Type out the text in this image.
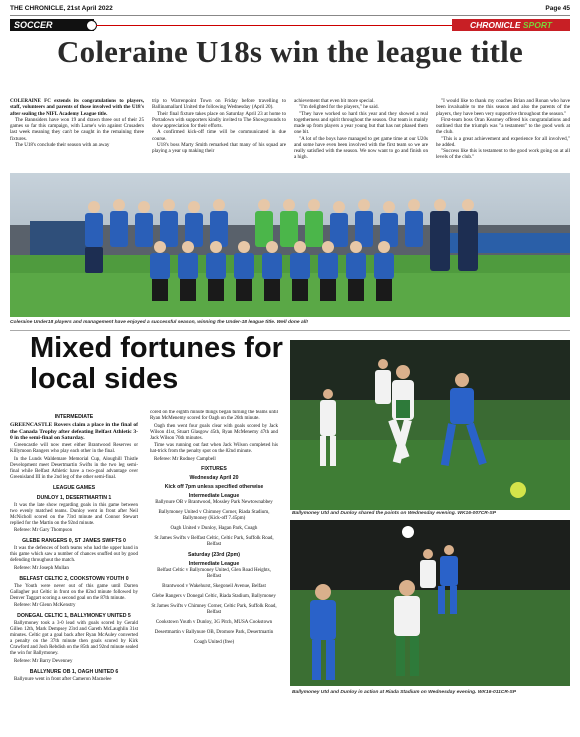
THE CHRONICLE, 21st April 2022	Page 45
SOCCER	CHRONICLE SPORT
Coleraine U18s win the league title

COLERAINE FC extends its congratulations to players, staff, volunteers and parents of those involved with the U18's after sealing the NIFL Academy League title.

The Bannsiders have won 19 and drawn three out of their 25 games so far this campaign, with Larne's win against Crusaders last week meaning they can't be caught in the remaining three fixtures.

The U18's conclude their season with an away

trip to Warrenpoint Town on Friday before travelling to Ballinamallard United the following Wednesday (April 20).

Their final fixture takes place on Saturday April 23 at home to Portadown with supporters kindly invited to The Showgrounds to show appreciation for their efforts.

A confirmed kick-off time will be communicated in due course.

U18's boss Marty Smith remarked that many of his squad are playing a year up making their

achievement that even bit more special.

"I'm delighted for the players," he said.

"They have worked so hard this year and they showed a real togetherness and spirit throughout the season. Our team is mainly made up from players a year young but that has not phased them one bit.

"A lot of the boys have managed to get game time at our U20s and some have even been involved with the first team so we are really satisfied with the season. We now want to go and finish on a high.

"I would like to thank my coaches Brian and Ronan who have been invaluable to me this season and also the parents of the players, they have been very supportive throughout the season."

First-team boss Oran Kearney offered his congratulations and outlined that the triumph was "a testament" to the good work at the club.

"This is a great achievement and experience for all involved," he added.

"Success like this is testament to the good work going on at all levels of the club."

Coleraine Under18 players and management have enjoyed a successful season, winning the Under-18 league title. Well done all!
Mixed fortunes for local sides

INTERMEDIATE

GREENCASTLE Rovers claim a place in the final of the Canada Trophy after defeating Belfast Athletic 3-0 in the semi-final on Saturday.

Greencastle will now meet either Brantwood Reserves or Killymoon Rangers who play each other in the final.

In the Lunds Waldemare Memorial Cup, Aloughill Thistle Development meet Desertmartin Swifts in the two leg semi-final while Belfast Athletic have a two-goal advantage over Greenisland III in the 2nd leg of the other semi-final.

LEAGUE GAMES

DUNLOY 1, DESERTMARTIN 1

It was the late show regarding goals in this game between two evenly matched teams. Dunloy went in front after Neil McNicholl scored on the 73rd minute and Connor Stewart replied for the Martin on the 92nd minute.

Referee: Mr Gary Thompson

GLEBE RANGERS 0, ST JAMES SWIFTS 0

It was the defences of both teams who had the upper hand in this game which saw a number of chances snuffed out by good defending throughout the match.

Referee: Mr Joseph Mullan

BELFAST CELTIC 2, COOKSTOWN YOUTH 0

The Youth were never out of this game until Darren Gallagher put Celtic in front on the 82nd minute followed by Denver Taggart scoring a second goal on the 87th minute.

Referee: Mr Glenn McKenstry

DONEGAL CELTIC 1, BALLYMONEY UNITED 5

Ballymoney took a 3-0 lead with goals scored by Gerald Gillen 12th, Mark Dempsey 23rd and Gareth McLaughlin 31st minutes. Celtic got a goal back after Ryan McAuley converted a penalty on the 37th minute then goals scored by Kirk Crawford and Josh Rebdish on the 85th and 92nd minute sealed the win for Ballymoney.

Referee: Mr Barry Devenney

BALLYNURE OB 1, OAGH UNITED 6

Ballynure went in front after Cameron Macnelee

cored on the eighth minute things began turning the teams until Ryan McMenemy scored for Oagh on the 26th minute.

Oagh then went four goals clear with goals scored by Jack Wilson 41st, Stuart Glasgow 45th, Ryan McMenemy 47th and Jack Wilson 76th minutes.

Time was running out fast when Jack Wilson completed his hat-trick from the penalty spot on the 82nd minute.

Referee: Mr Rodney Campbell

FIXTURES
Wednesday April 20
Kick off 7pm unless specified otherwise
Intermediate League
Ballynure OB v Brantwood, Mossley Park Newtownabbey
Ballymoney United v Chimney Corner, Riada Stadium, Ballymoney (Kick-off 7.45pm)
Oagh United v Dunloy, Hagan Park, Coagh
St James Swifts v Belfast Celtic, Celtic Park, Suffolk Road, Belfast
Saturday (23rd (2pm)
Intermediate League
Belfast Celtic v Ballymoney United, Glen Road Heights, Belfast
Brantwood v Wakehurst, Skegoneil Avenue, Belfast
Glebe Rangers v Donegal Celtic, Riada Stadium, Ballymoney
St James Swifts v Chimney Corner, Celtic Park, Suffolk Road, Belfast
Cookstown Youth v Dunloy, 3G Pitch, MUSA Cookstown
Desertmartin v Ballynure OB, Dromore Park, Desertmartin
Coagh United (free)
Ballymoney Utd and Dunloy shared the points on Wednesday evening. WK16-007CR-SP
Ballymoney Utd and Dunloy in action at Riada Stadium on Wednesday evening. WK16-011CR-SP
